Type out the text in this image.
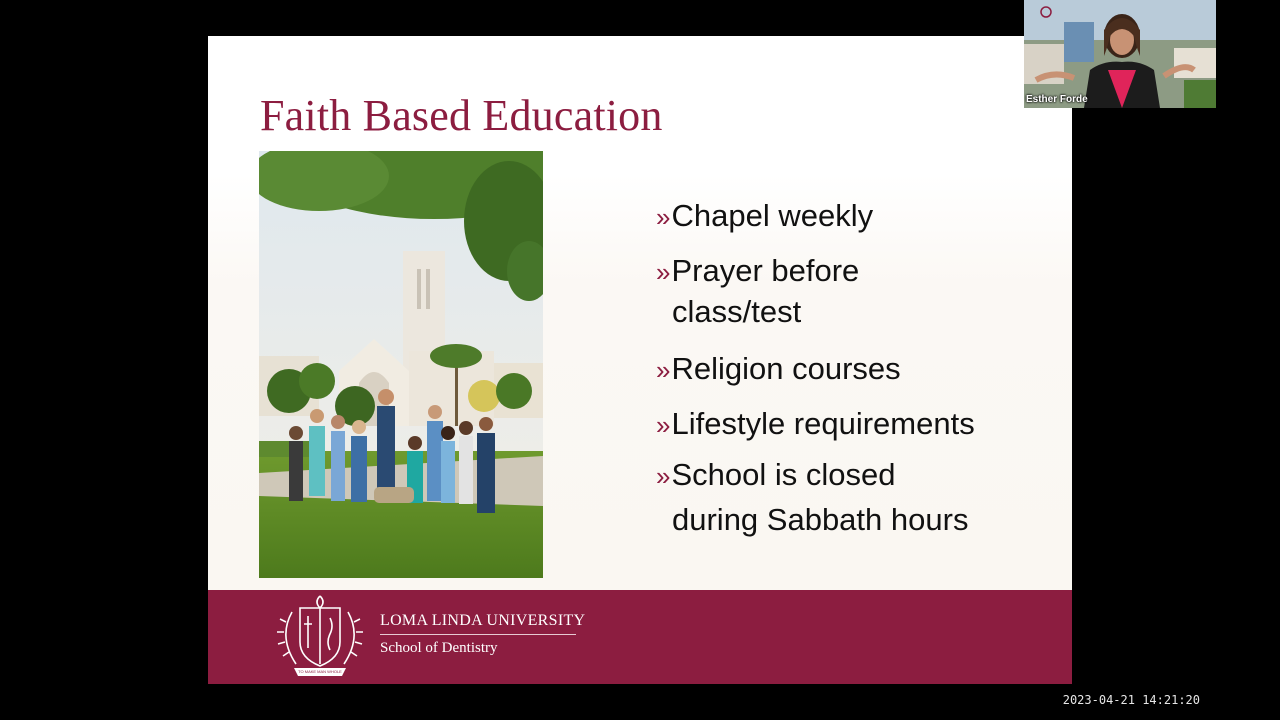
Faith Based Education
»Chapel weekly
»Prayer before
class/test
»Religion courses
»Lifestyle requirements
»School is closed
during Sabbath hours
TO MAKE MAN WHOLE
LOMA LINDA UNIVERSITY
School of Dentistry
Esther Forde
2023-04-21 14:21:20
